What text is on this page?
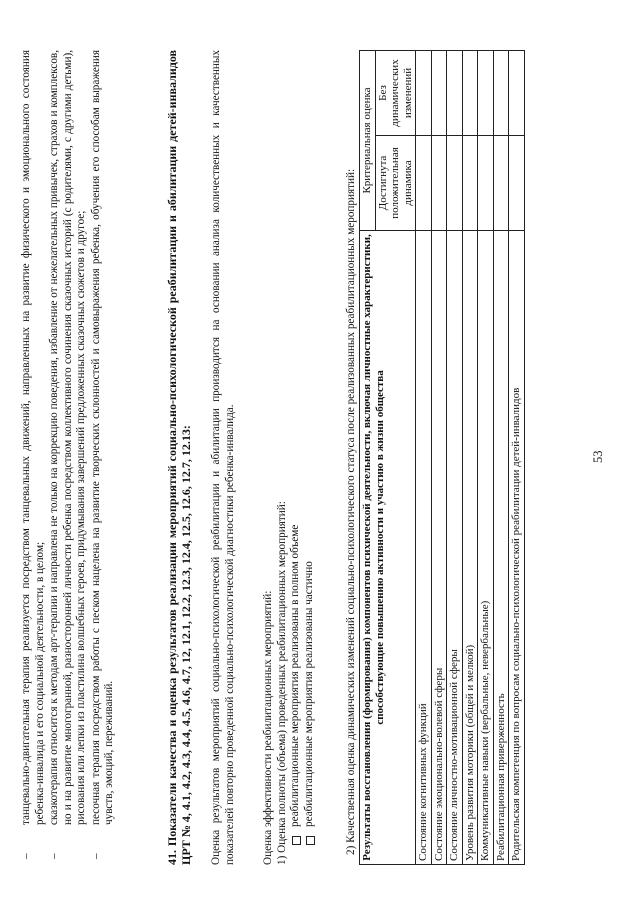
53
–
танцевально-двигательная терапия реализуется посредством танцевальных движений, направленных на развитие физического и эмоционального состояния ребенка-инвалида и его социальной деятельности, в целом;
–
сказкотерапия относится к методам арт-терапии и направлена не только на коррекцию поведения, избавление от нежелательных привычек, страхов и комплексов, но и на развитие многогранной, разносторонней личности ребенка посредством коллективного сочинения сказочных историй (с родителями, с другими детьми), рисования или лепки из пластилина волшебных героев, придумывания завершений предложенных сказочных сюжетов и другое;
–
песочная терапия посредством работы с песком нацелена на развитие творческих склонностей и самовыражения ребенка, обучения его способам выражения чувств, эмоций, переживаний.	41. Показатели качества и оценка результатов реализации мероприятий социально-психологической реабилитации и абилитации детей-инвалидов ЦРТ № 4, 4.1, 4.2, 4.3, 4.4, 4.5, 4.6, 4.7, 12, 12.1, 12.2, 12.3, 12.4, 12.5, 12.6, 12.7, 12.13: Оценка результатов мероприятий социально-психологической реабилитации и абилитации производится на основании анализа количественных и качественных показателей повторно проведенной социально-психологической диагностики ребенка-инвалида. Оценка эффективности реабилитационных мероприятий: 1) Оценка полноты (объема) проведенных реабилитационных мероприятий: реабилитационные мероприятия реализованы в полном объеме реабилитационные мероприятия реализованы частично	2) Качественная оценка динамических изменений социально-психологического статуса после реализованных реабилитационных мероприятий: Результаты восстановления (формирования) компонентов психической деятельности, включая личностные характеристики, способствующие повышению активности и участию в жизни общества	Критериальная оценка	
	Достигнута положительная динамика	Без динамических изменений
Состояние когнитивных функций		
Состояние эмоционально-волевой сферы		
Состояние личностно-мотивационной сферы		
Уровень развития моторики (общей и мелкой)		
Коммуникативные навыки (вербальные, невербальные)		
Реабилитационная приверженность		
Родительская компетенция по вопросам социально-психологической реабилитации детей-инвалидов		
